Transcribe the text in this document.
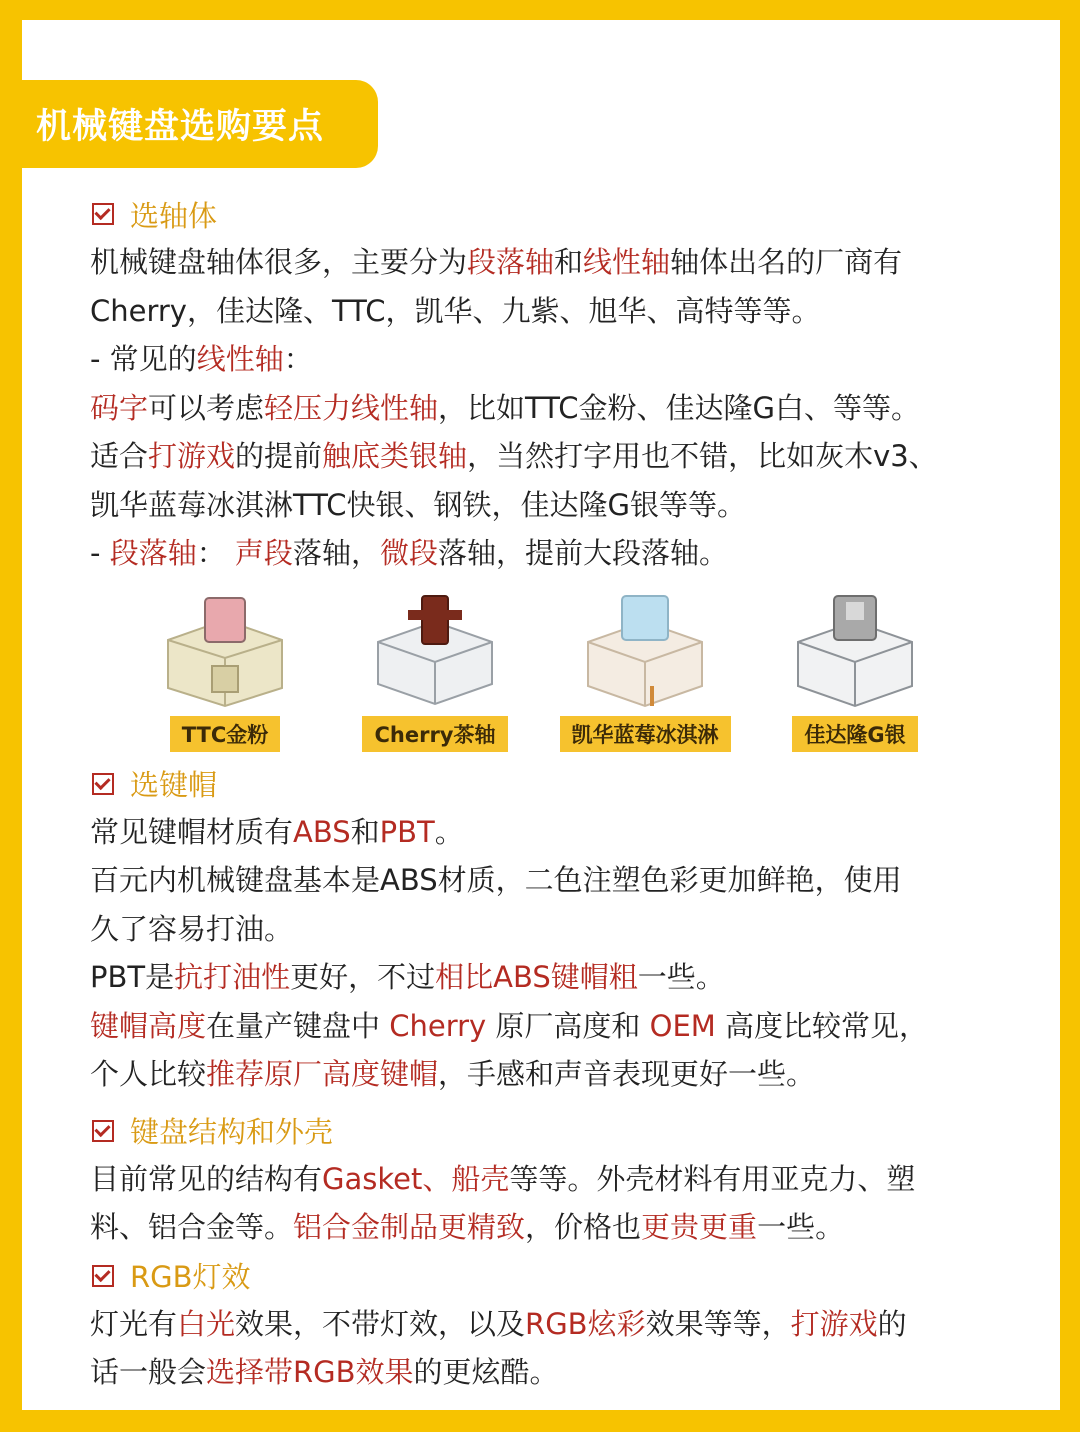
机械键盘选购要点
选轴体
机械键盘轴体很多，主要分为段落轴和线性轴轴体出名的厂商有
Cherry，佳达隆、TTC，凯华、九紫、旭华、高特等等。
- 常见的线性轴：
码字可以考虑轻压力线性轴，比如TTC金粉、佳达隆G白、等等。
适合打游戏的提前触底类银轴，当然打字用也不错，比如灰木v3、
凯华蓝莓冰淇淋TTC快银、钢铁，佳达隆G银等等。
- 段落轴： 声段落轴，微段落轴，提前大段落轴。
TTC金粉	Cherry茶轴	凯华蓝莓冰淇淋	佳达隆G银
选键帽
常见键帽材质有ABS和PBT。
百元内机械键盘基本是ABS材质，二色注塑色彩更加鲜艳，使用
久了容易打油。
PBT是抗打油性更好，不过相比ABS键帽粗一些。
键帽高度在量产键盘中 Cherry 原厂高度和 OEM 高度比较常见，
个人比较推荐原厂高度键帽，手感和声音表现更好一些。
键盘结构和外壳
目前常见的结构有Gasket、船壳等等。外壳材料有用亚克力、塑
料、铝合金等。铝合金制品更精致，价格也更贵更重一些。
RGB灯效
灯光有白光效果，不带灯效，以及RGB炫彩效果等等，打游戏的
话一般会选择带RGB效果的更炫酷。
